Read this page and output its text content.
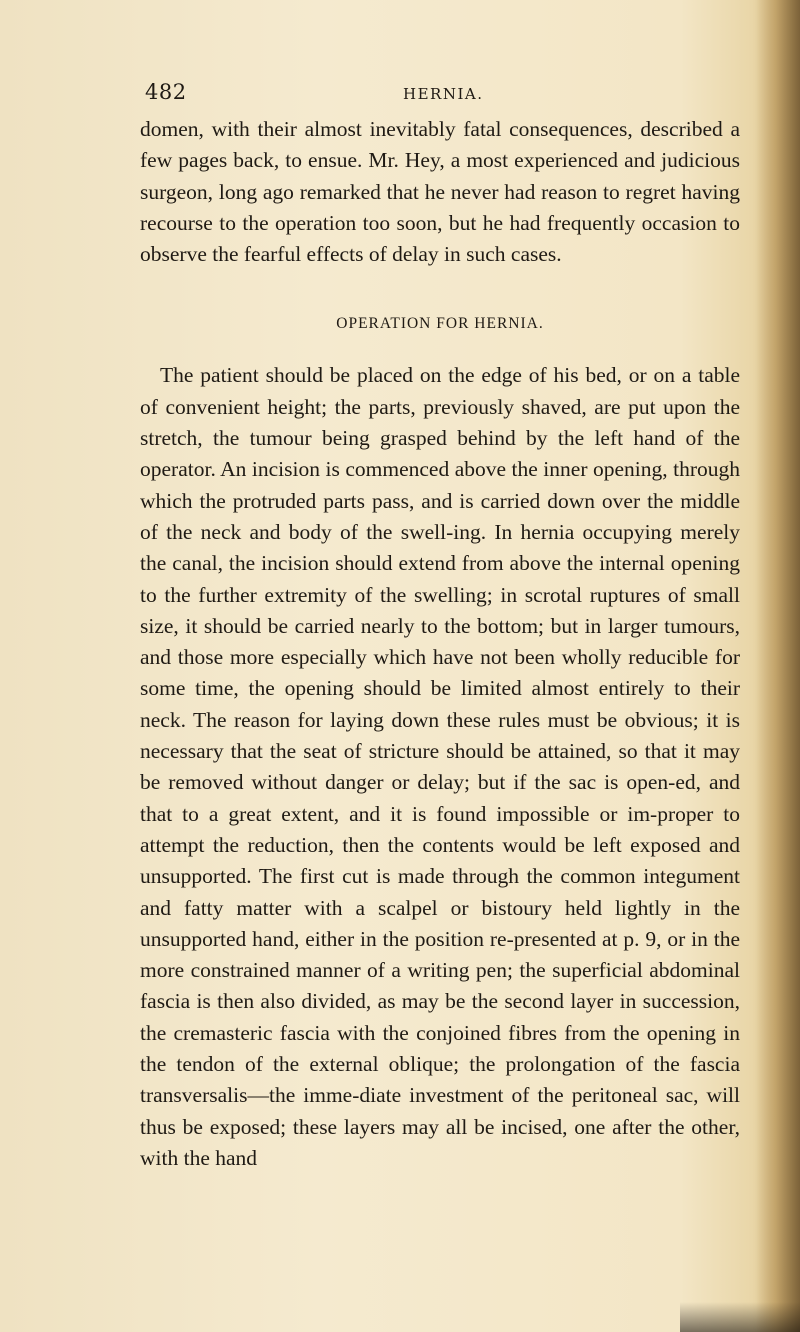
482	HERNIA.

domen, with their almost inevitably fatal consequences, described a few pages back, to ensue. Mr. Hey, a most experienced and judicious surgeon, long ago remarked that he never had reason to regret having recourse to the operation too soon, but he had frequently occasion to observe the fearful effects of delay in such cases.

OPERATION FOR HERNIA.

The patient should be placed on the edge of his bed, or on a table of convenient height; the parts, previously shaved, are put upon the stretch, the tumour being grasped behind by the left hand of the operator. An incision is commenced above the inner opening, through which the protruded parts pass, and is carried down over the middle of the neck and body of the swell-ing. In hernia occupying merely the canal, the incision should extend from above the internal opening to the further extremity of the swelling; in scrotal ruptures of small size, it should be carried nearly to the bottom; but in larger tumours, and those more especially which have not been wholly reducible for some time, the opening should be limited almost entirely to their neck. The reason for laying down these rules must be obvious; it is necessary that the seat of stricture should be attained, so that it may be removed without danger or delay; but if the sac is open-ed, and that to a great extent, and it is found impossible or im-proper to attempt the reduction, then the contents would be left exposed and unsupported. The first cut is made through the common integument and fatty matter with a scalpel or bistoury held lightly in the unsupported hand, either in the position re-presented at p. 9, or in the more constrained manner of a writing pen; the superficial abdominal fascia is then also divided, as may be the second layer in succession, the cremasteric fascia with the conjoined fibres from the opening in the tendon of the external oblique; the prolongation of the fascia transversalis—the imme-diate investment of the peritoneal sac, will thus be exposed; these layers may all be incised, one after the other, with the hand
